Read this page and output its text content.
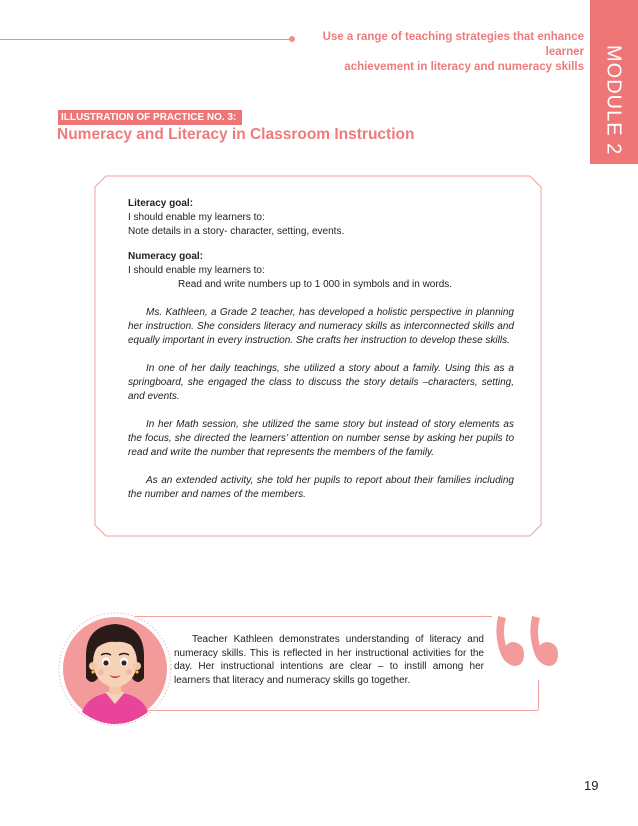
Use a range of teaching strategies that enhance learner
achievement in literacy and numeracy skills MODULE 2
ILLUSTRATION OF PRACTICE NO. 3:
Numeracy and Literacy in Classroom Instruction
Literacy goal:
I should enable my learners to:
Note details in a story- character, setting, events.
Numeracy goal:
I should enable my learners to:
Read and write numbers up to 1 000 in symbols and in words.

Ms. Kathleen, a Grade 2 teacher, has developed a holistic perspective in planning her instruction. She considers literacy and numeracy skills as interconnected skills and equally important in every instruction. She crafts her instruction to develop these skills.

In one of her daily teachings, she utilized a story about a family. Using this as a springboard, she engaged the class to discuss the story details –characters, setting, and events.

In her Math session, she utilized the same story but instead of story elements as the focus, she directed the learners’ attention on number sense by asking her pupils to read and write the number that represents the members of the family.

As an extended activity, she told her pupils to report about their families including the number and names of the members.

Teacher Kathleen demonstrates understanding of literacy and numeracy skills. This is reflected in her instructional activities for the day. Her instructional intentions are clear – to instill among her learners that literacy and numeracy skills go together.
19
